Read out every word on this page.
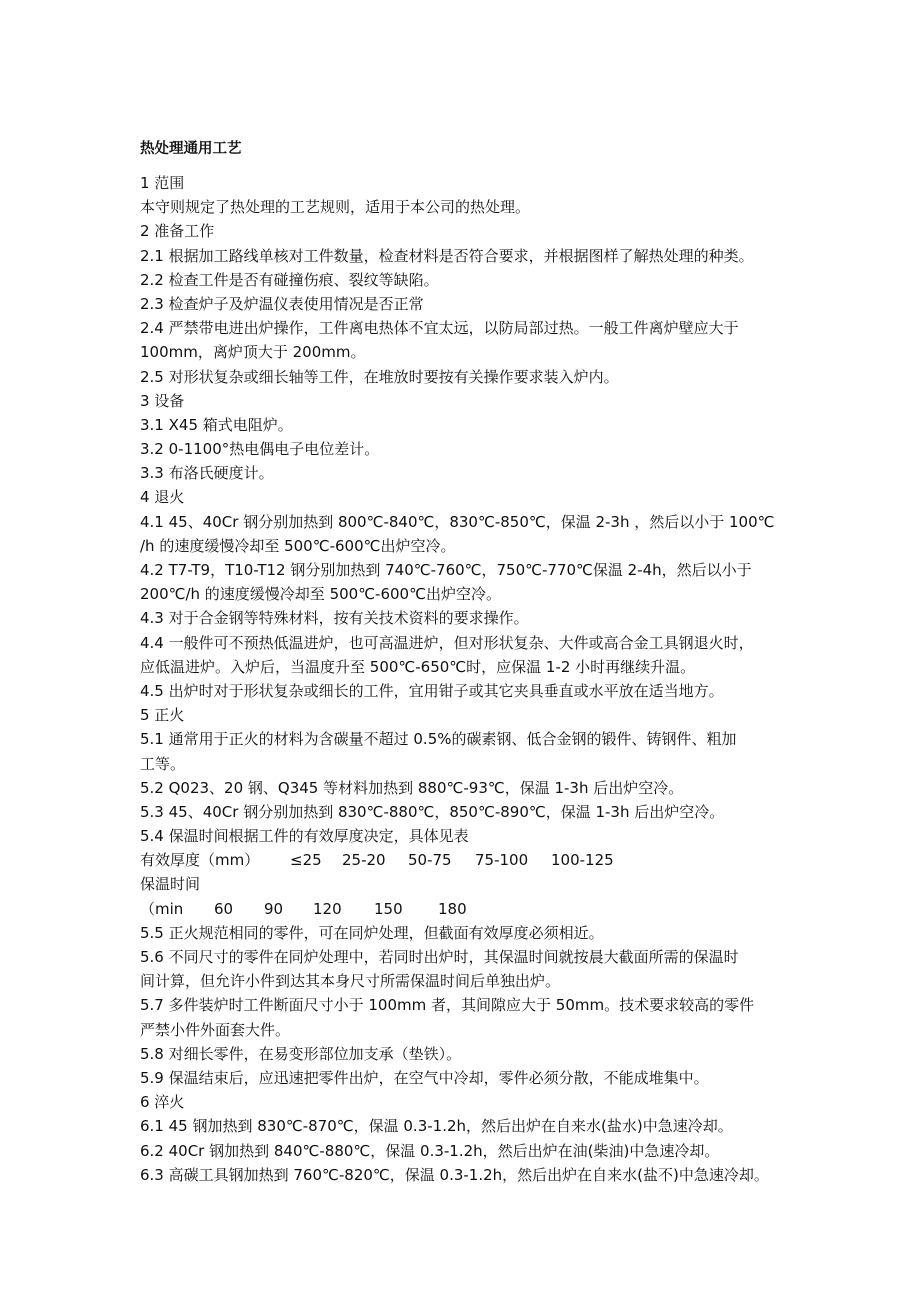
热处理通用工艺
1 范围
本守则规定了热处理的工艺规则，适用于本公司的热处理。
2 准备工作
2.1 根据加工路线单核对工件数量，检查材料是否符合要求，并根据图样了解热处理的种类。
2.2 检查工件是否有碰撞伤痕、裂纹等缺陷。
2.3 检查炉子及炉温仪表使用情况是否正常
2.4 严禁带电进出炉操作，工件离电热体不宜太远，以防局部过热。一般工件离炉壁应大于
100mm，离炉顶大于 200mm。
2.5 对形状复杂或细长轴等工件，在堆放时要按有关操作要求装入炉内。
3 设备
3.1 X45 箱式电阻炉。
3.2 0-1100°热电偶电子电位差计。
3.3 布洛氏硬度计。
4 退火
4.1 45、40Cr 钢分别加热到 800℃-840℃，830℃-850℃，保温 2-3h ，然后以小于 100℃
/h 的速度缓慢冷却至 500℃-600℃出炉空冷。
4.2 T7-T9，T10-T12 钢分别加热到 740℃-760℃，750℃-770℃保温 2-4h，然后以小于
200℃/h 的速度缓慢冷却至 500℃-600℃出炉空冷。
4.3 对于合金钢等特殊材料，按有关技术资料的要求操作。
4.4 一般件可不预热低温进炉，也可高温进炉，但对形状复杂、大件或高合金工具钢退火时，
应低温进炉。入炉后，当温度升至 500℃-650℃时，应保温 1-2 小时再继续升温。
4.5 出炉时对于形状复杂或细长的工件，宜用钳子或其它夹具垂直或水平放在适当地方。
5 正火
5.1 通常用于正火的材料为含碳量不超过 0.5%的碳素钢、低合金钢的锻件、铸钢件、粗加
工等。
5.2 Q023、20 钢、Q345 等材料加热到 880℃-93℃，保温 1-3h 后出炉空冷。
5.3 45、40Cr 钢分别加热到 830℃-880℃，850℃-890℃，保温 1-3h 后出炉空冷。
5.4 保温时间根据工件的有效厚度决定，具体见表
有效厚度（mm）	≤25	25-20	50-75	75-100	100-125
保温时间
（min	60	90	120	150	180
5.5 正火规范相同的零件，可在同炉处理，但截面有效厚度必须相近。
5.6 不同尺寸的零件在同炉处理中，若同时出炉时，其保温时间就按晨大截面所需的保温时
间计算，但允许小件到达其本身尺寸所需保温时间后单独出炉。
5.7 多件装炉时工件断面尺寸小于 100mm 者，其间隙应大于 50mm。技术要求较高的零件
严禁小件外面套大件。
5.8 对细长零件，在易变形部位加支承（垫铁）。
5.9 保温结束后，应迅速把零件出炉，在空气中冷却，零件必须分散，不能成堆集中。
6 淬火
6.1 45 钢加热到 830℃-870℃，保温 0.3-1.2h，然后出炉在自来水(盐水)中急速冷却。
6.2 40Cr 钢加热到 840℃-880℃，保温 0.3-1.2h，然后出炉在油(柴油)中急速冷却。
6.3 高碳工具钢加热到 760℃-820℃，保温 0.3-1.2h，然后出炉在自来水(盐不)中急速冷却。
